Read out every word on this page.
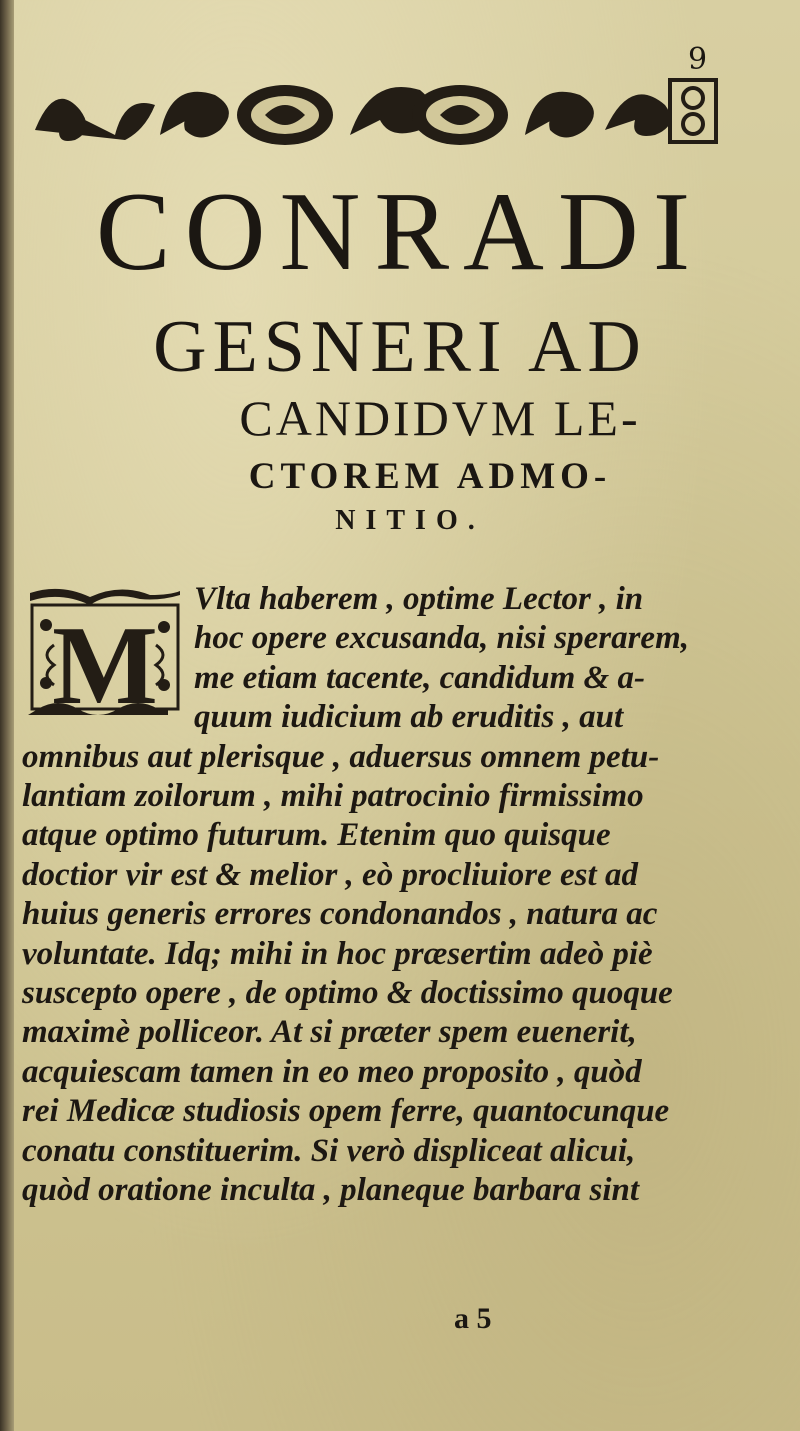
9
CONRADI
GESNERI AD
CANDIDVM LE-
CTOREM ADMO-
NITIO.
M
Vlta haberem , optime Lector , in
hoc opere excusanda, nisi sperarem,
me etiam tacente, candidum & a-
quum iudicium ab eruditis , aut
omnibus aut plerisque , aduersus omnem petu-
lantiam zoilorum , mihi patrocinio firmissimo
atque optimo futurum. Etenim quo quisque
doctior vir est & melior , eò procliuiore est ad
huius generis errores condonandos , natura ac
voluntate. Idq; mihi in hoc præsertim adeò piè
suscepto opere , de optimo & doctissimo quoque
maximè polliceor. At si præter spem euenerit,
acquiescam tamen in eo meo proposito , quòd
rei Medicæ studiosis opem ferre, quantocunque
conatu constituerim. Si verò displiceat alicui,
quòd oratione inculta , planeque barbara sint
a 5
